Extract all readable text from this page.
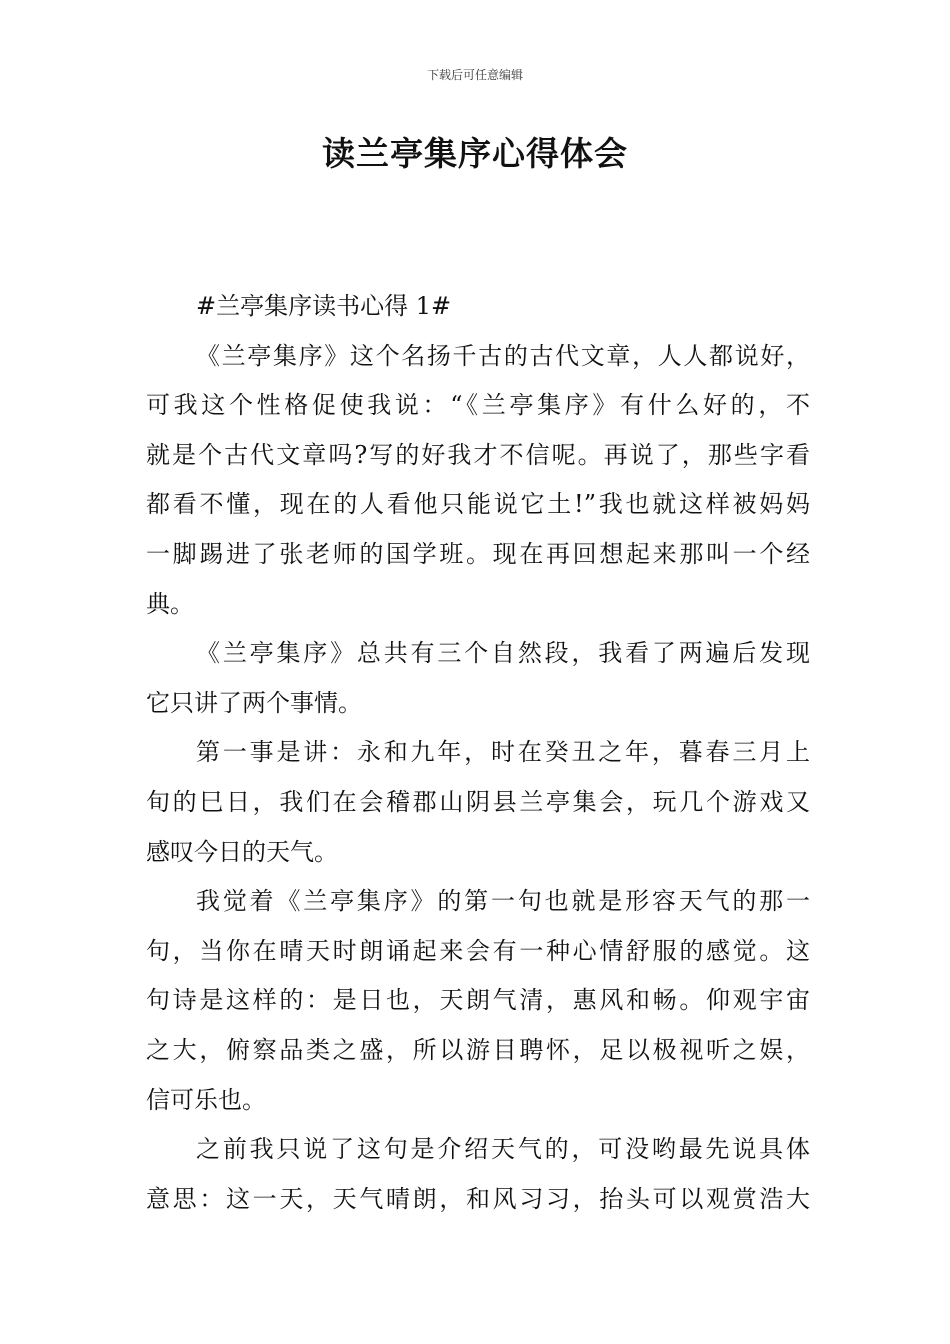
下载后可任意编辑
读兰亭集序心得体会
#兰亭集序读书心得 1#

《兰亭集序》这个名扬千古的古代文章，人人都说好，
可我这个性格促使我说：“《兰亭集序》有什么好的，不
就是个古代文章吗?写的好我才不信呢。再说了，那些字看
都看不懂，现在的人看他只能说它土!”我也就这样被妈妈
一脚踢进了张老师的国学班。现在再回想起来那叫一个经
典。

《兰亭集序》总共有三个自然段，我看了两遍后发现
它只讲了两个事情。

第一事是讲：永和九年，时在癸丑之年，暮春三月上
旬的巳日，我们在会稽郡山阴县兰亭集会，玩几个游戏又
感叹今日的天气。

我觉着《兰亭集序》的第一句也就是形容天气的那一
句，当你在晴天时朗诵起来会有一种心情舒服的感觉。这
句诗是这样的：是日也，天朗气清，惠风和畅。仰观宇宙
之大，俯察品类之盛，所以游目聘怀，足以极视听之娱，
信可乐也。

之前我只说了这句是介绍天气的，可没哟最先说具体
意思：这一天，天气晴朗，和风习习，抬头可以观赏浩大
